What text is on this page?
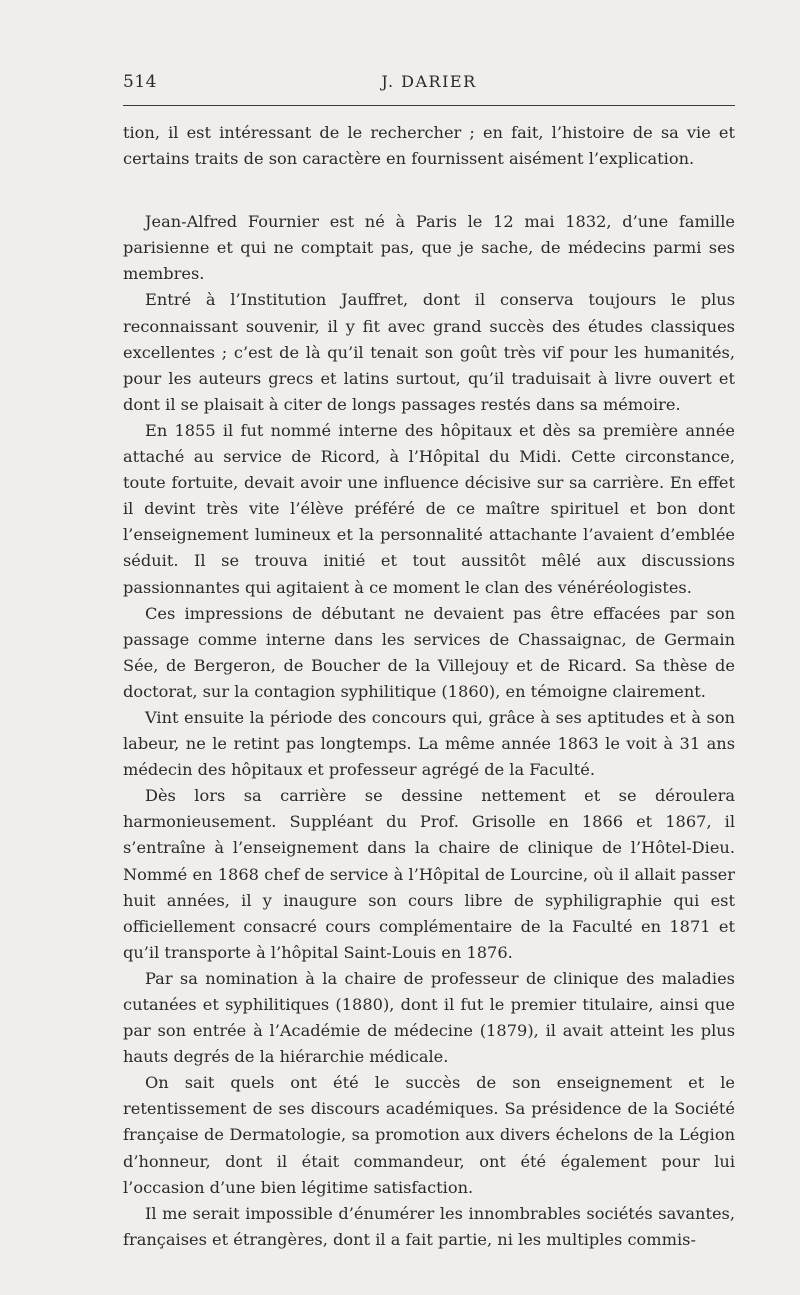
514	J. DARIER

tion, il est intéressant de le rechercher ; en fait, l’histoire de sa vie et certains traits de son caractère en fournissent aisément l’explication.

Jean-Alfred Fournier est né à Paris le 12 mai 1832, d’une famille parisienne et qui ne comptait pas, que je sache, de médecins parmi ses membres.

Entré à l’Institution Jauffret, dont il conserva toujours le plus reconnaissant souvenir, il y fit avec grand succès des études classiques excellentes ; c’est de là qu’il tenait son goût très vif pour les humanités, pour les auteurs grecs et latins surtout, qu’il traduisait à livre ouvert et dont il se plaisait à citer de longs passages restés dans sa mémoire.

En 1855 il fut nommé interne des hôpitaux et dès sa première année attaché au service de Ricord, à l’Hôpital du Midi. Cette circonstance, toute fortuite, devait avoir une influence décisive sur sa carrière. En effet il devint très vite l’élève préféré de ce maître spirituel et bon dont l’enseignement lumineux et la personnalité attachante l’avaient d’emblée séduit. Il se trouva initié et tout aussitôt mêlé aux discussions passionnantes qui agitaient à ce moment le clan des vénéréologistes.

Ces impressions de débutant ne devaient pas être effacées par son passage comme interne dans les services de Chassaignac, de Germain Sée, de Bergeron, de Boucher de la Villejouy et de Ricard. Sa thèse de doctorat, sur la contagion syphilitique (1860), en témoigne clairement.

Vint ensuite la période des concours qui, grâce à ses aptitudes et à son labeur, ne le retint pas longtemps. La même année 1863 le voit à 31 ans médecin des hôpitaux et professeur agrégé de la Faculté.

Dès lors sa carrière se dessine nettement et se déroulera harmonieusement. Suppléant du Prof. Grisolle en 1866 et 1867, il s’entraîne à l’enseignement dans la chaire de clinique de l’Hôtel-Dieu. Nommé en 1868 chef de service à l’Hôpital de Lourcine, où il allait passer huit années, il y inaugure son cours libre de syphiligraphie qui est officiellement consacré cours complémentaire de la Faculté en 1871 et qu’il transporte à l’hôpital Saint-Louis en 1876.

Par sa nomination à la chaire de professeur de clinique des maladies cutanées et syphilitiques (1880), dont il fut le premier titulaire, ainsi que par son entrée à l’Académie de médecine (1879), il avait atteint les plus hauts degrés de la hiérarchie médicale.

On sait quels ont été le succès de son enseignement et le retentissement de ses discours académiques. Sa présidence de la Société française de Dermatologie, sa promotion aux divers échelons de la Légion d’honneur, dont il était commandeur, ont été également pour lui l’occasion d’une bien légitime satisfaction.

Il me serait impossible d’énumérer les innombrables sociétés savantes, françaises et étrangères, dont il a fait partie, ni les multiples commis-
